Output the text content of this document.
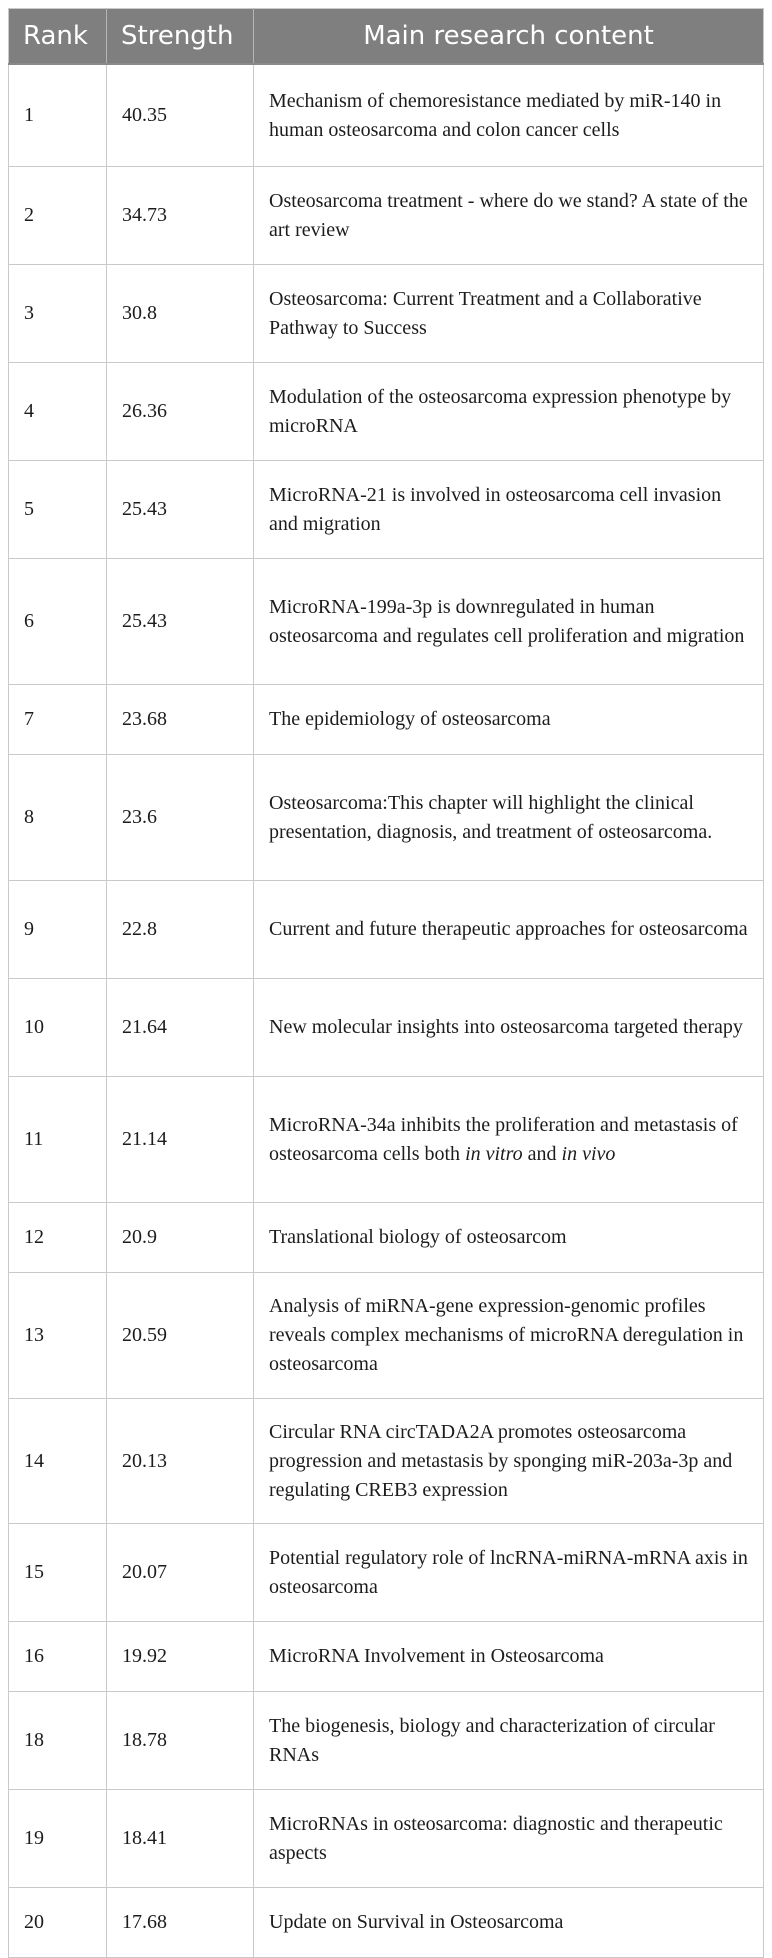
Rank	Strength	Main research content
1	40.35	Mechanism of chemoresistance mediated by miR-140 in human osteosarcoma and colon cancer cells
2	34.73	Osteosarcoma treatment - where do we stand? A state of the art review
3	30.8	Osteosarcoma: Current Treatment and a Collaborative Pathway to Success
4	26.36	Modulation of the osteosarcoma expression phenotype by microRNA
5	25.43	MicroRNA-21 is involved in osteosarcoma cell invasion and migration
6	25.43	MicroRNA-199a-3p is downregulated in human osteosarcoma and regulates cell proliferation and migration
7	23.68	The epidemiology of osteosarcoma
8	23.6	Osteosarcoma:This chapter will highlight the clinical presentation, diagnosis, and treatment of osteosarcoma.
9	22.8	Current and future therapeutic approaches for osteosarcoma
10	21.64	New molecular insights into osteosarcoma targeted therapy
11	21.14	MicroRNA-34a inhibits the proliferation and metastasis of osteosarcoma cells both in vitro and in vivo
12	20.9	Translational biology of osteosarcom
13	20.59	Analysis of miRNA-gene expression-genomic profiles reveals complex mechanisms of microRNA deregulation in osteosarcoma
14	20.13	Circular RNA circTADA2A promotes osteosarcoma progression and metastasis by sponging miR-203a-3p and regulating CREB3 expression
15	20.07	Potential regulatory role of lncRNA-miRNA-mRNA axis in osteosarcoma
16	19.92	MicroRNA Involvement in Osteosarcoma
18	18.78	The biogenesis, biology and characterization of circular RNAs
19	18.41	MicroRNAs in osteosarcoma: diagnostic and therapeutic aspects
20	17.68	Update on Survival in Osteosarcoma
